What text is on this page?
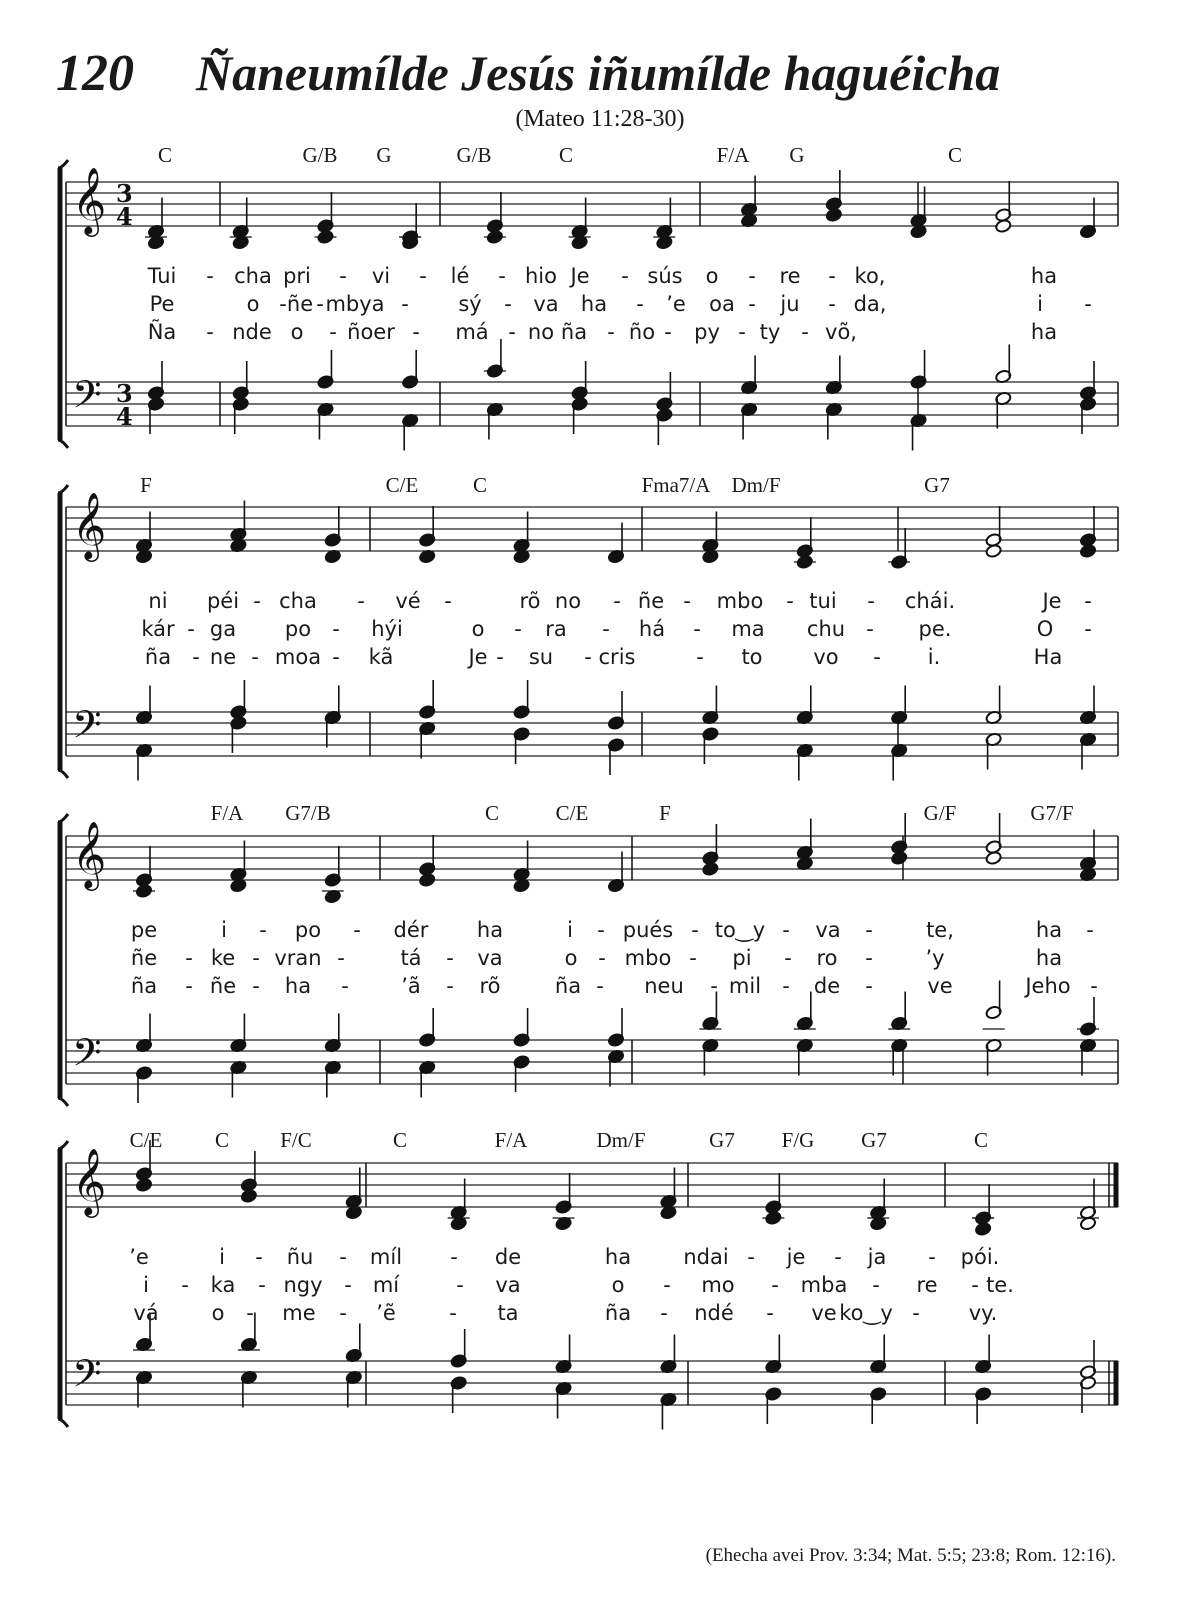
120 Ñaneumílde Jesús iñumílde haguéicha
(Mateo 11:28-30)
C	G/B G	G/B	C	F/A G	C
𝄞
𝄢
3
4
3
4
Tui - cha pri - vi - lé - hio Je - sús o - re - ko,	ha
Pe	o - ñe - mbya - sý - va ha - ’e oa - ju - da,	i -
Ña - nde o - ñoer - má - no ña - ño - py - ty - võ,	ha
F	C/E	C	Fma7/A Dm/F	G7
𝄞
𝄢
ni péi - cha - vé -	rõ no - ñe - mbo - tui - chái.	Je -
kár - ga po - hýi	o - ra - há - ma chu - pe.	O -
ña - ne - moa - kã	Je - su - cris	- to vo - i.	Ha
F/A G7/B	C	C/E	F	G/F	G7/F
𝄞
𝄢
pe	i - po - dér ha	i - pués - to‿y - va -	te,	ha -
ñe - ke - vran -	tá - va	o - mbo - pi - ro -	’y	ha
ña - ñe - ha - ’ã - rõ	ña - neu - mil - de -	ve	Jeho -
C/E	C F/C	C	F/A	Dm/F	G7 F/G G7	C
𝄞
𝄢
’e	i - ñu - míl - de	ha ndai - je - ja - pói.
i - ka - ngy - mí	- va	o - mo - mba - re - te.
vá	o - me - ’ẽ	- ta	ña - ndé - ve ko‿y - vy.
(Ehecha avei Prov. 3:34; Mat. 5:5; 23:8; Rom. 12:16).
